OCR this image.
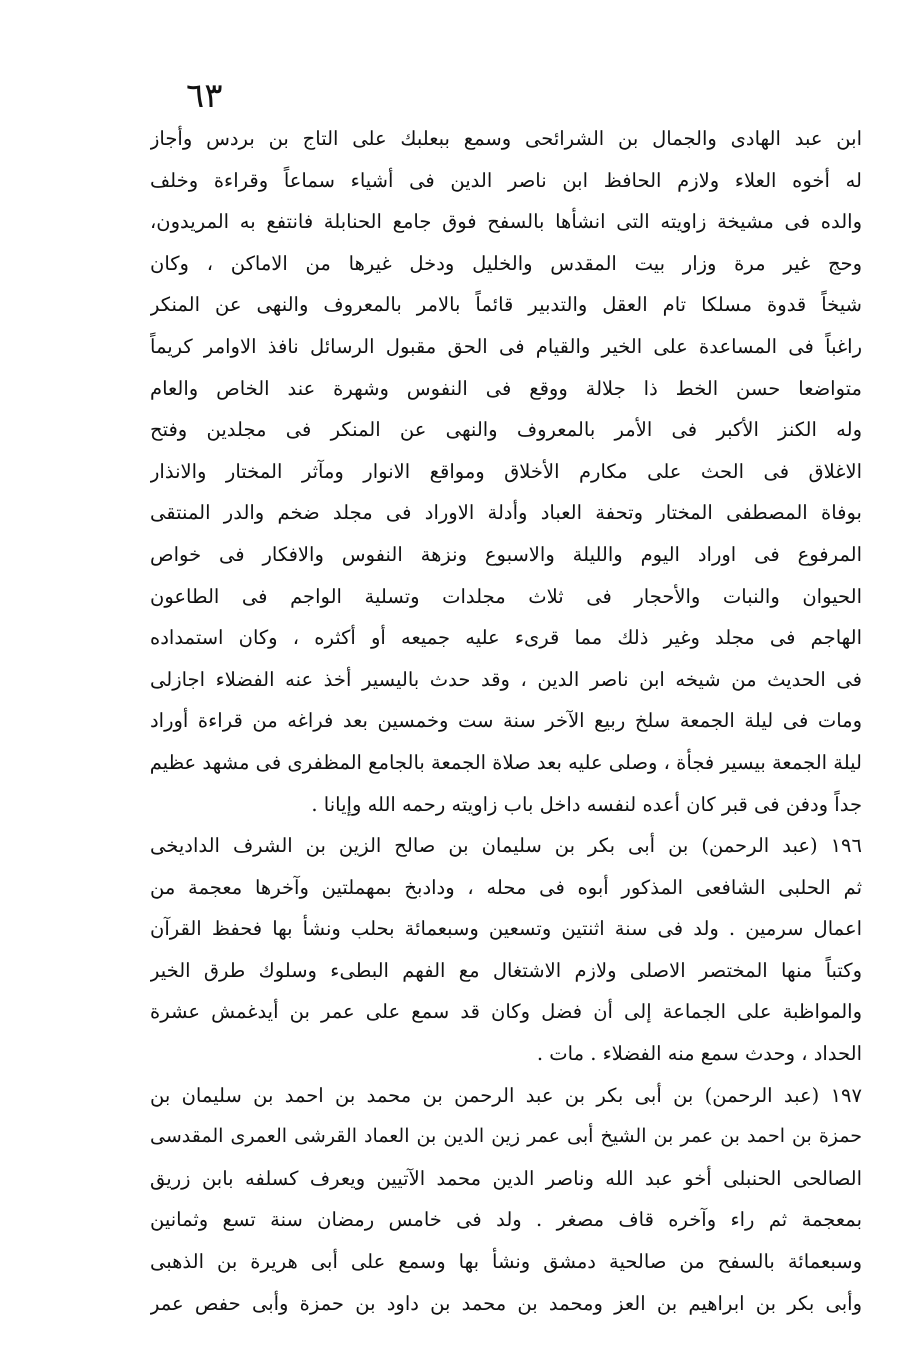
٦٣
ابن عبد الهادى والجمال بن الشرائحى وسمع ببعلبك على التاج بن بردس وأجاز
له أخوه العلاء ولازم الحافظ ابن ناصر الدين فى أشياء سماعاً وقراءة وخلف
والده فى مشيخة زاويته التى انشأها بالسفح فوق جامع الحنابلة فانتفع به المريدون،
وحج غير مرة وزار بيت المقدس والخليل ودخل غيرها من الاماكن ، وكان
شيخاً قدوة مسلكا تام العقل والتدبير قائماً بالامر بالمعروف والنهى عن المنكر
راغباً فى المساعدة على الخير والقيام فى الحق مقبول الرسائل نافذ الاوامر كريماً
متواضعا حسن الخط ذا جلالة ووقع فى النفوس وشهرة عند الخاص والعام
وله الكنز الأكبر فى الأمر بالمعروف والنهى عن المنكر فى مجلدين وفتح
الاغلاق فى الحث على مكارم الأخلاق ومواقع الانوار ومآثر المختار والانذار
بوفاة المصطفى المختار وتحفة العباد وأدلة الاوراد فى مجلد ضخم والدر المنتقى
المرفوع فى اوراد اليوم والليلة والاسبوع ونزهة النفوس والافكار فى خواص
الحيوان والنبات والأحجار فى ثلاث مجلدات وتسلية الواجم فى الطاعون
الهاجم فى مجلد وغير ذلك مما قرىء عليه جميعه أو أكثره ، وكان استمداده
فى الحديث من شيخه ابن ناصر الدين ، وقد حدث باليسير أخذ عنه الفضلاء اجازلى
ومات فى ليلة الجمعة سلخ ربيع الآخر سنة ست وخمسين بعد فراغه من قراءة أوراد
ليلة الجمعة بيسير فجأة ، وصلى عليه بعد صلاة الجمعة بالجامع المظفرى فى مشهد عظيم
جداً ودفن فى قبر كان أعده لنفسه داخل باب زاويته رحمه الله وإيانا .
١٩٦ (عبد الرحمن) بن أبى بكر بن سليمان بن صالح الزين بن الشرف الداديخى
ثم الحلبى الشافعى المذكور أبوه فى محله ، ودادبخ بمهملتين وآخرها معجمة من
اعمال سرمين . ولد فى سنة اثنتين وتسعين وسبعمائة بحلب ونشأ بها فحفظ القرآن
وكتباً منها المختصر الاصلى ولازم الاشتغال مع الفهم البطىء وسلوك طرق الخير
والمواظبة على الجماعة إلى أن فضل وكان قد سمع على عمر بن أيدغمش عشرة
الحداد ، وحدث سمع منه الفضلاء . مات .
١٩٧ (عبد الرحمن) بن أبى بكر بن عبد الرحمن بن محمد بن احمد بن سليمان بن
حمزة بن احمد بن عمر بن الشيخ أبى عمر زين الدين بن العماد القرشى العمرى المقدسى
الصالحى الحنبلى أخو عبد الله وناصر الدين محمد الآتيين ويعرف كسلفه بابن زريق
بمعجمة ثم راء وآخره قاف مصغر . ولد فى خامس رمضان سنة تسع وثمانين
وسبعمائة بالسفح من صالحية دمشق ونشأ بها وسمع على أبى هريرة بن الذهبى
وأبى بكر بن ابراهيم بن العز ومحمد بن محمد بن داود بن حمزة وأبى حفص عمر
